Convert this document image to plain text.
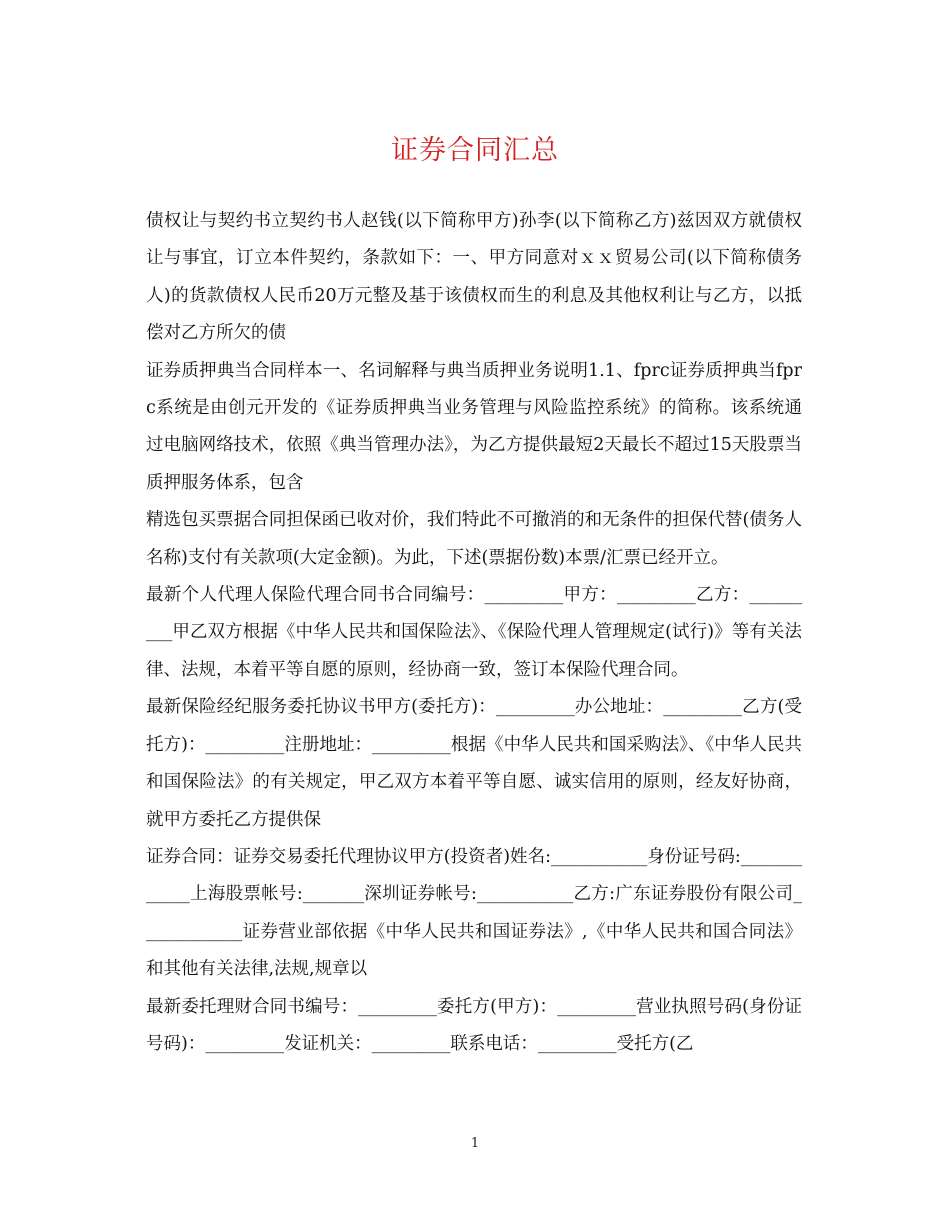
证券合同汇总

债权让与契约书立契约书人赵钱(以下简称甲方)孙李(以下简称乙方)兹因双方就债权让与事宜，订立本件契约，条款如下：一、甲方同意对ｘｘ贸易公司(以下简称债务人)的货款债权人民币20万元整及基于该债权而生的利息及其他权利让与乙方，以抵偿对乙方所欠的债

证券质押典当合同样本一、名词解释与典当质押业务说明1.1、fprc证券质押典当fprc系统是由创元开发的《证券质押典当业务管理与风险监控系统》的简称。该系统通过电脑网络技术，依照《典当管理办法》，为乙方提供最短2天最长不超过15天股票当质押服务体系，包含

精选包买票据合同担保函已收对价，我们特此不可撤消的和无条件的担保代替(债务人名称)支付有关款项(大定金额)。为此，下述(票据份数)本票/汇票已经开立。

最新个人代理人保险代理合同书合同编号：_________甲方：_________乙方：_________甲乙双方根据《中华人民共和国保险法》、《保险代理人管理规定(试行)》等有关法律、法规，本着平等自愿的原则，经协商一致，签订本保险代理合同。

最新保险经纪服务委托协议书甲方(委托方)：_________办公地址：_________乙方(受托方)：_________注册地址：_________根据《中华人民共和国采购法》、《中华人民共和国保险法》的有关规定，甲乙双方本着平等自愿、诚实信用的原则，经友好协商，就甲方委托乙方提供保

证券合同：证券交易委托代理协议甲方(投资者)姓名:___________身份证号码:____________上海股票帐号:_______深圳证券帐号:___________乙方:广东证券股份有限公司____________证券营业部依据《中华人民共和国证券法》,《中华人民共和国合同法》和其他有关法律,法规,规章以

最新委托理财合同书编号：_________委托方(甲方)：_________营业执照号码(身份证号码)：_________发证机关：_________联系电话：_________受托方(乙

1
